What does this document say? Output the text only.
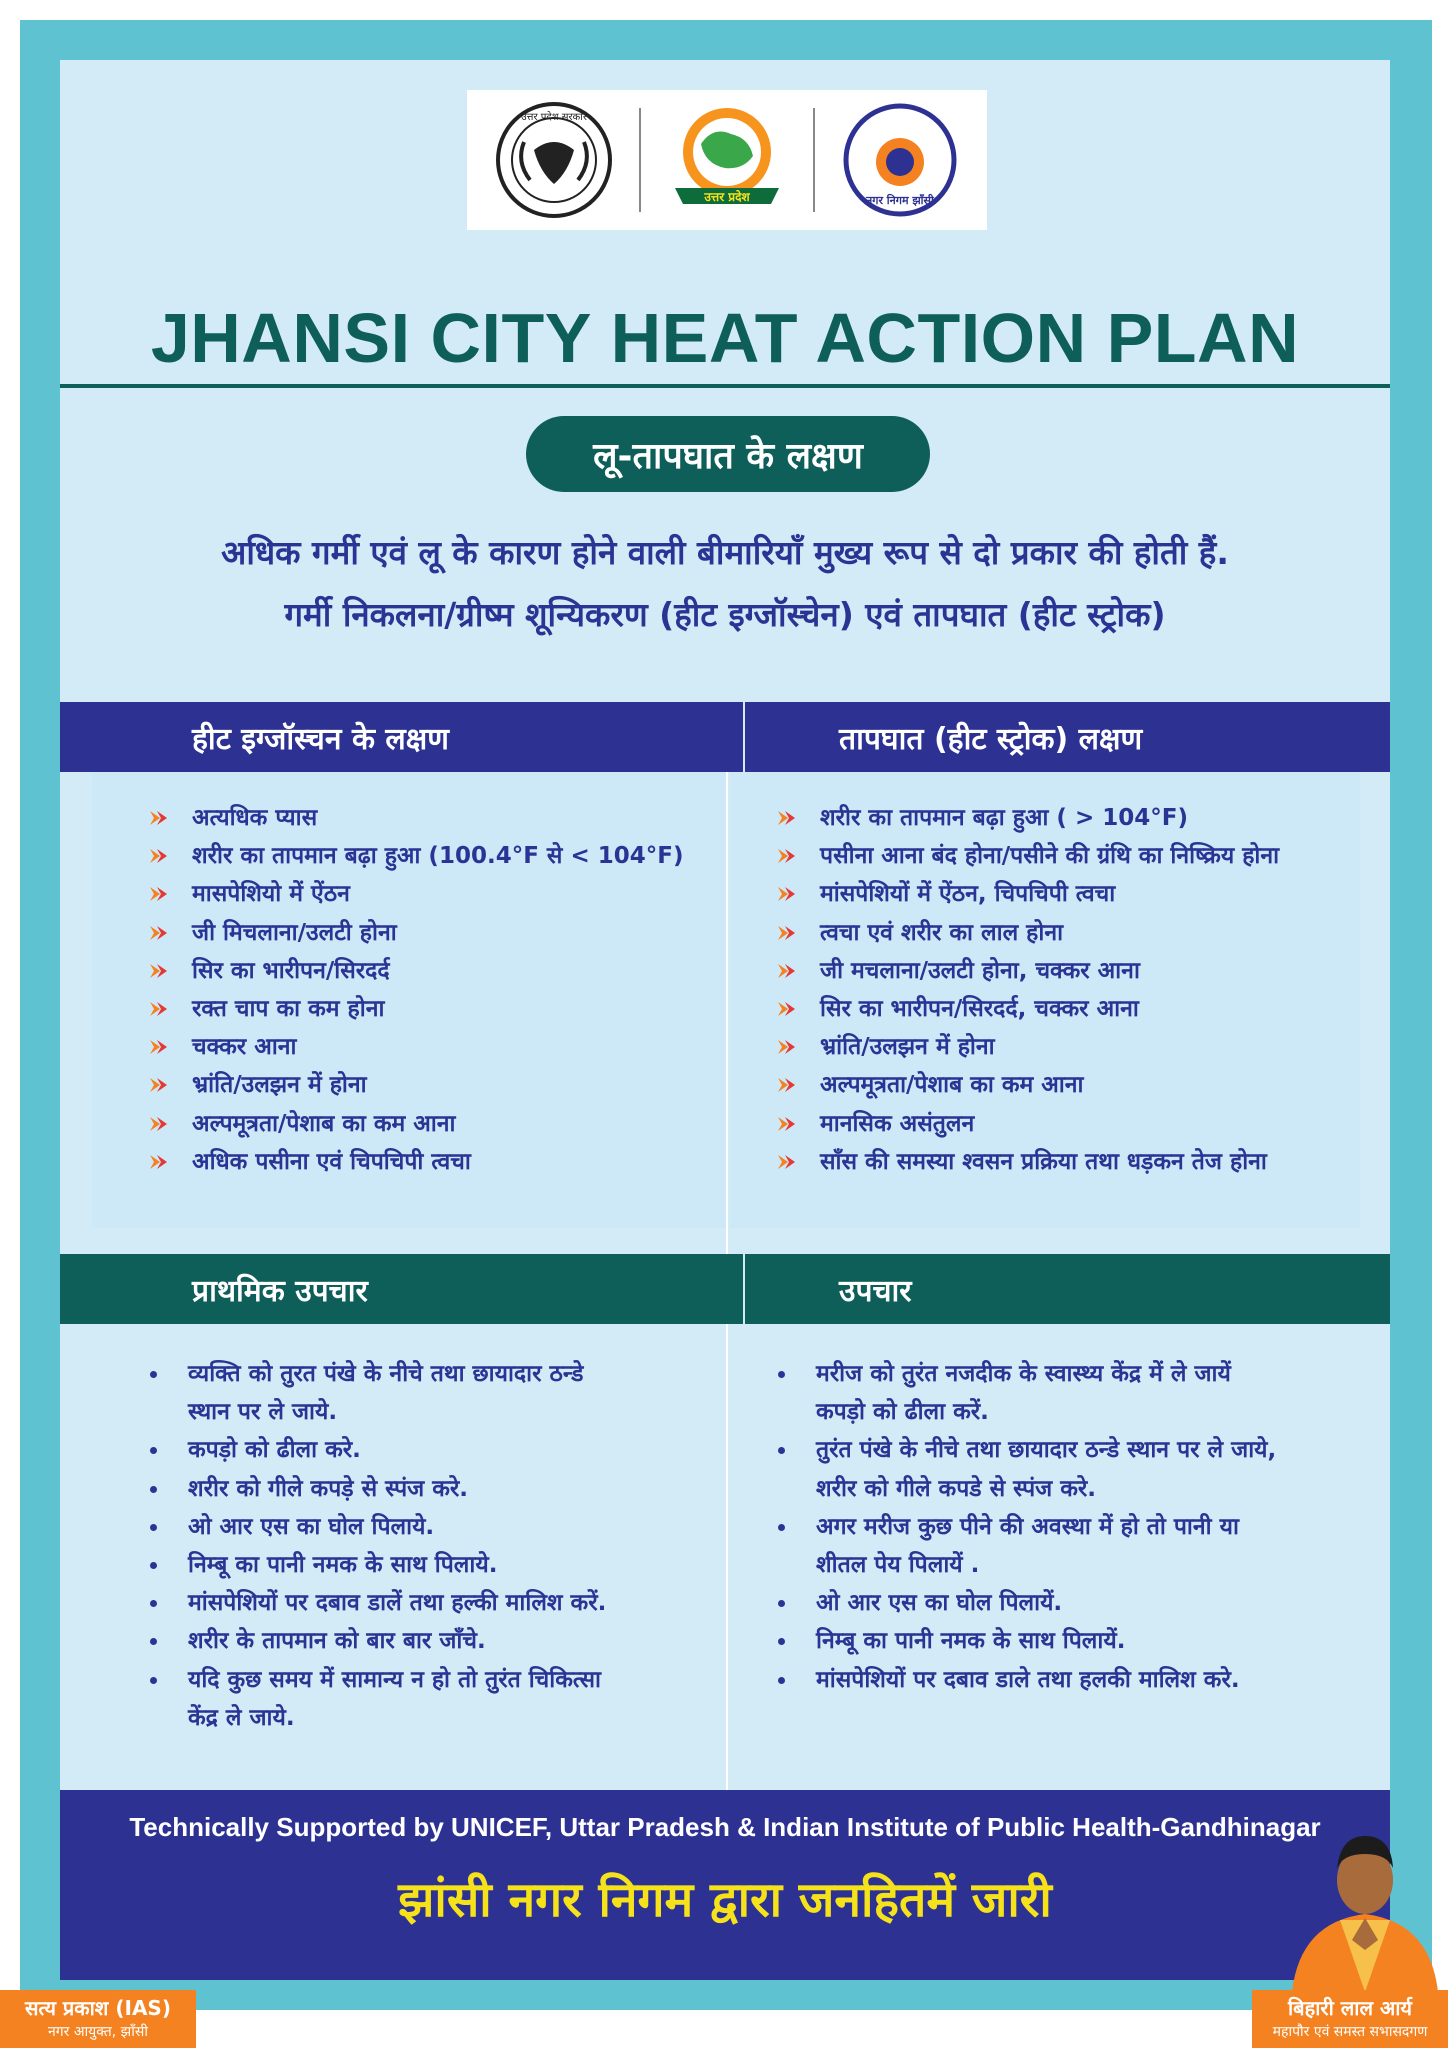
उत्तर प्रदेश सरकार
उत्तर प्रदेश	नगर निगम झाँसी
JHANSI CITY HEAT ACTION PLAN
लू-तापघात के लक्षण
अधिक गर्मी एवं लू के कारण होने वाली बीमारियाँ मुख्य रूप से दो प्रकार की होती हैं.
गर्मी निकलना/ग्रीष्म शून्यिकरण (हीट इग्जॉस्चेन) एवं तापघात (हीट स्ट्रोक)
हीट इग्जॉस्चन के लक्षण	तापघात (हीट स्ट्रोक) लक्षण
अत्यधिक प्यास
शरीर का तापमान बढ़ा हुआ (100.4°F से < 104°F)
मासपेशियो में ऐंठन
जी मिचलाना/उलटी होना
सिर का भारीपन/सिरदर्द
रक्त चाप का कम होना
चक्कर आना
भ्रांति/उलझन में होना
अल्पमूत्रता/पेशाब का कम आना
अधिक पसीना एवं चिपचिपी त्वचा
शरीर का तापमान बढ़ा हुआ ( > 104°F)
पसीना आना बंद होना/पसीने की ग्रंथि का निष्क्रिय होना
मांसपेशियों में ऐंठन, चिपचिपी त्वचा
त्वचा एवं शरीर का लाल होना
जी मचलाना/उलटी होना, चक्कर आना
सिर का भारीपन/सिरदर्द, चक्कर आना
भ्रांति/उलझन में होना
अल्पमूत्रता/पेशाब का कम आना
मानसिक असंतुलन
साँस की समस्या श्वसन प्रक्रिया तथा धड़कन तेज होना
प्राथमिक उपचार	उपचार
व्यक्ति को तुरत पंखे के नीचे तथा छायादार ठन्डे
स्थान पर ले जाये.
कपड़ो को ढीला करे.
शरीर को गीले कपड़े से स्पंज करे.
ओ आर एस का घोल पिलाये.
निम्बू का पानी नमक के साथ पिलाये.
मांसपेशियों पर दबाव डालें तथा हल्की मालिश करें.
शरीर के तापमान को बार बार जाँचे.
यदि कुछ समय में सामान्य न हो तो तुरंत चिकित्सा
केंद्र ले जाये.
मरीज को तुरंत नजदीक के स्वास्थ्य केंद्र में ले जायें
कपड़ो को ढीला करें.
तुरंत पंखे के नीचे तथा छायादार ठन्डे स्थान पर ले जाये,
शरीर को गीले कपडे से स्पंज करे.
अगर मरीज कुछ पीने की अवस्था में हो तो पानी या
शीतल पेय पिलायें .
ओ आर एस का घोल पिलायें.
निम्बू का पानी नमक के साथ पिलायें.
मांसपेशियों पर दबाव डाले तथा हलकी मालिश करे.
Technically Supported by UNICEF, Uttar Pradesh & Indian Institute of Public Health-Gandhinagar
झांसी नगर निगम द्वारा जनहितमें जारी
सत्य प्रकाश (IAS)
नगर आयुक्त, झाँसी
बिहारी लाल आर्य
महापौर एवं समस्त सभासदगण
